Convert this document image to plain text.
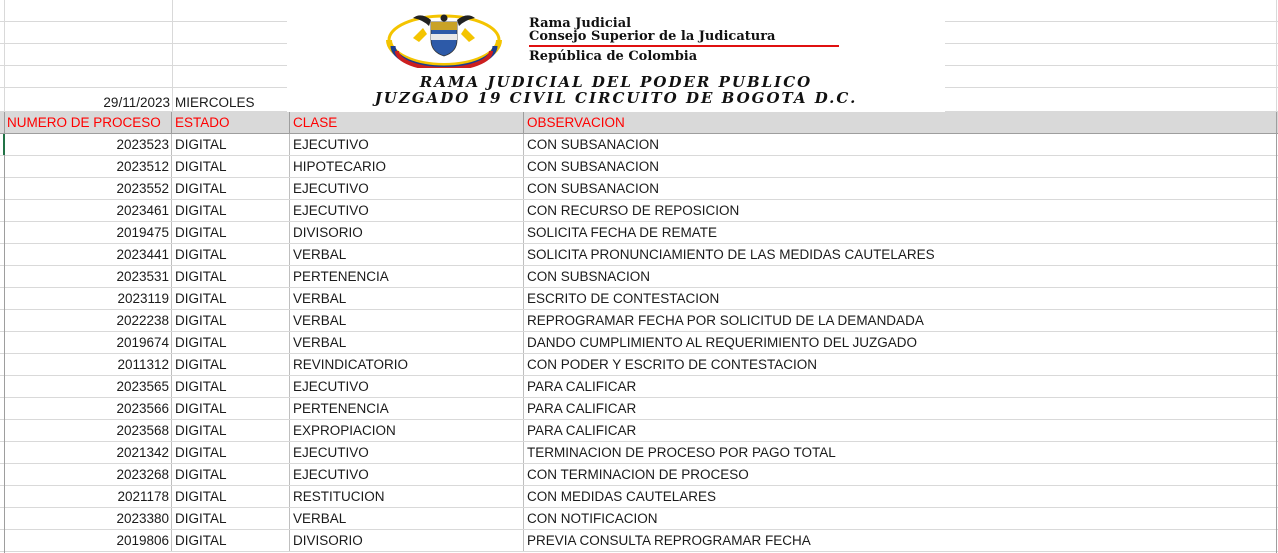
29/11/2023 MIERCOLES
Rama Judicial
Consejo Superior de la Judicatura
República de Colombia
RAMA JUDICIAL DEL PODER PUBLICO
JUZGADO 19 CIVIL CIRCUITO DE BOGOTA D.C.
NUMERO DE PROCESO	ESTADO	CLASE	OBSERVACION
2023523 DIGITAL	EJECUTIVO	CON SUBSANACION
2023512 DIGITAL	HIPOTECARIO	CON SUBSANACION
2023552 DIGITAL	EJECUTIVO	CON SUBSANACION
2023461 DIGITAL	EJECUTIVO	CON RECURSO DE REPOSICION
2019475 DIGITAL	DIVISORIO	SOLICITA FECHA DE REMATE
2023441 DIGITAL	VERBAL	SOLICITA PRONUNCIAMIENTO DE LAS MEDIDAS CAUTELARES
2023531 DIGITAL	PERTENENCIA	CON SUBSNACION
2023119 DIGITAL	VERBAL	ESCRITO DE CONTESTACION
2022238 DIGITAL	VERBAL	REPROGRAMAR FECHA POR SOLICITUD DE LA DEMANDADA
2019674 DIGITAL	VERBAL	DANDO CUMPLIMIENTO AL REQUERIMIENTO DEL JUZGADO
2011312 DIGITAL	REVINDICATORIO	CON PODER Y ESCRITO DE CONTESTACION
2023565 DIGITAL	EJECUTIVO	PARA CALIFICAR
2023566 DIGITAL	PERTENENCIA	PARA CALIFICAR
2023568 DIGITAL	EXPROPIACION	PARA CALIFICAR
2021342 DIGITAL	EJECUTIVO	TERMINACION DE PROCESO POR PAGO TOTAL
2023268 DIGITAL	EJECUTIVO	CON TERMINACION DE PROCESO
2021178 DIGITAL	RESTITUCION	CON MEDIDAS CAUTELARES
2023380 DIGITAL	VERBAL	CON NOTIFICACION
2019806 DIGITAL	DIVISORIO	PREVIA CONSULTA REPROGRAMAR FECHA
